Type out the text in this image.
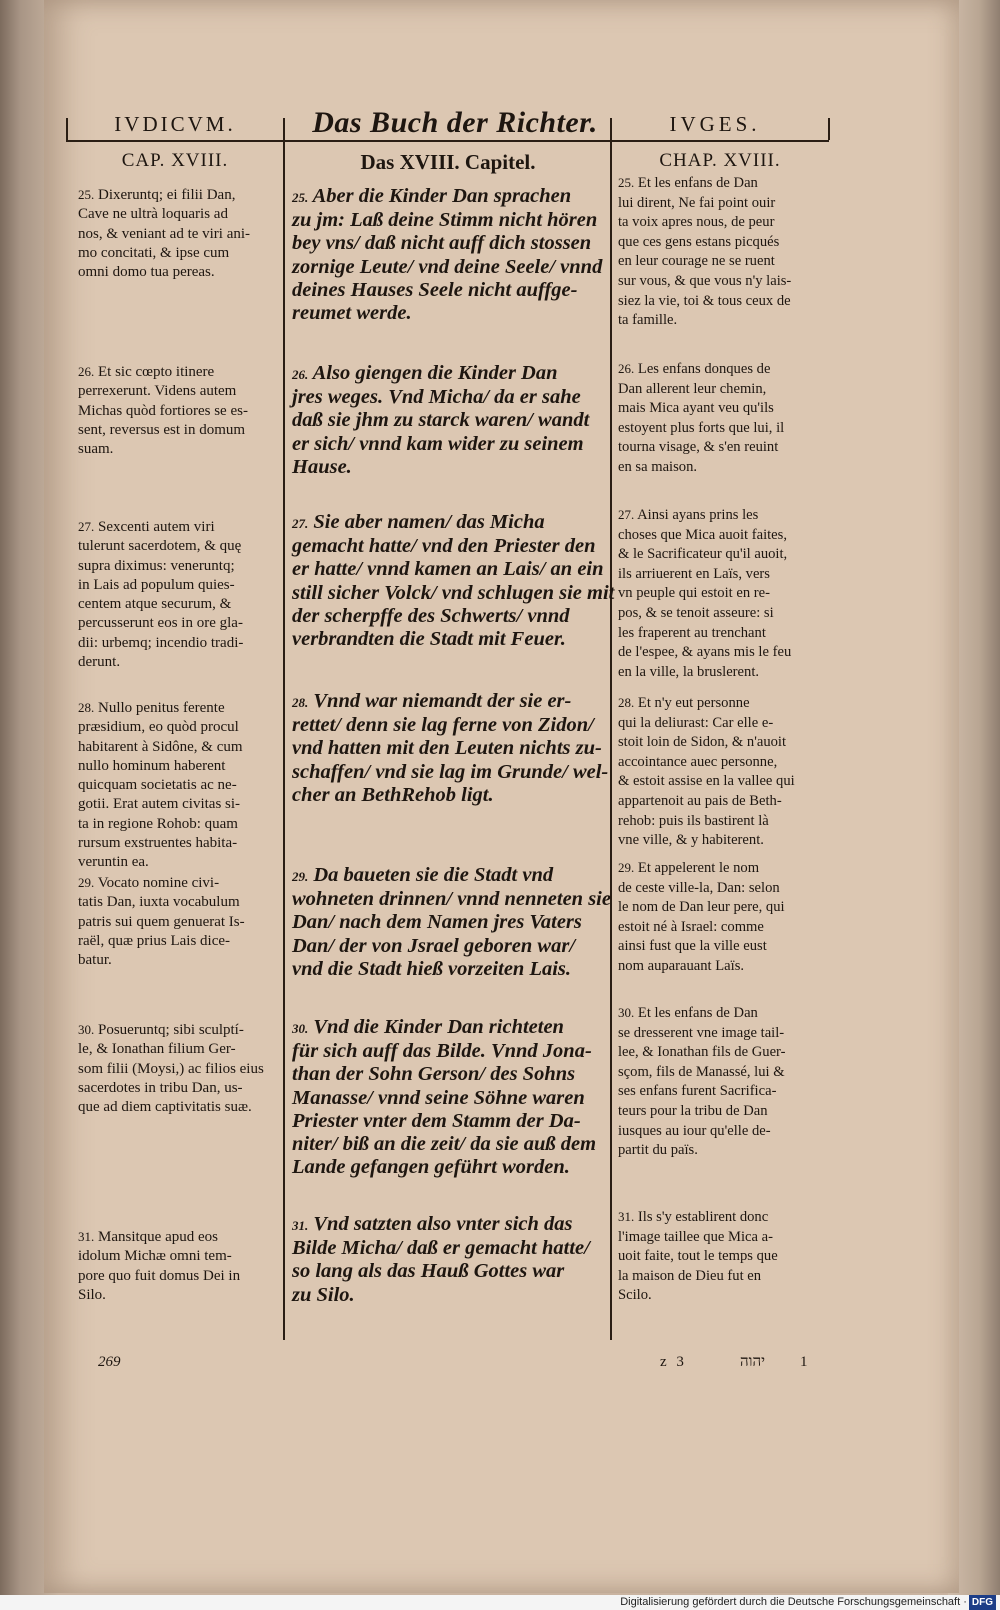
IVDICVM.	Das Buch der Richter.	IVGES.
CAP. XVIII.	Das XVIII. Capitel.	CHAP. XVIII.
25. Dixeruntq; ei filii Dan,
Cave ne ultrà loquaris ad
nos, & veniant ad te viri ani-
mo concitati, & ipse cum
omni domo tua pereas.
26. Et sic cœpto itinere
perrexerunt. Videns autem
Michas quòd fortiores se es-
sent, reversus est in domum
suam.
27. Sexcenti autem viri
tulerunt sacerdotem, & quę
supra diximus: veneruntq;
in Lais ad populum quies-
centem atque securum, &
percusserunt eos in ore gla-
dii: urbemq; incendio tradi-
derunt.
28. Nullo penitus ferente
præsidium, eo quòd procul
habitarent à Sidône, & cum
nullo hominum haberent
quicquam societatis ac ne-
gotii. Erat autem civitas si-
ta in regione Rohob: quam
rursum exstruentes habita-
veruntin ea.
29. Vocato nomine civi-
tatis Dan, iuxta vocabulum
patris sui quem genuerat Is-
raël, quæ prius Lais dice-
batur.
30. Posueruntq; sibi sculptí-
le, & Ionathan filium Ger-
som filii (Moysi,) ac filios eius
sacerdotes in tribu Dan, us-
que ad diem captivitatis suæ.
31. Mansitque apud eos
idolum Michæ omni tem-
pore quo fuit domus Dei in
Silo.
25. Aber die Kinder Dan sprachen
zu jm: Laß deine Stimm nicht hören
bey vns/ daß nicht auff dich stossen
zornige Leute/ vnd deine Seele/ vnnd
deines Hauses Seele nicht auffge-
reumet werde.
26. Also giengen die Kinder Dan
jres weges. Vnd Micha/ da er sahe
daß sie jhm zu starck waren/ wandt
er sich/ vnnd kam wider zu seinem
Hause.
27. Sie aber namen/ das Micha
gemacht hatte/ vnd den Priester den
er hatte/ vnnd kamen an Lais/ an ein
still sicher Volck/ vnd schlugen sie mit
der scherpffe des Schwerts/ vnnd
verbrandten die Stadt mit Feuer.
28. Vnnd war niemandt der sie er-
rettet/ denn sie lag ferne von Zidon/
vnd hatten mit den Leuten nichts zu-
schaffen/ vnd sie lag im Grunde/ wel-
cher an BethRehob ligt.
29. Da baueten sie die Stadt vnd
wohneten drinnen/ vnnd nenneten sie
Dan/ nach dem Namen jres Vaters
Dan/ der von Jsrael geboren war/
vnd die Stadt hieß vorzeiten Lais.
30. Vnd die Kinder Dan richteten
für sich auff das Bilde. Vnnd Jona-
than der Sohn Gerson/ des Sohns
Manasse/ vnnd seine Söhne waren
Priester vnter dem Stamm der Da-
niter/ biß an die zeit/ da sie auß dem
Lande gefangen geführt worden.
31. Vnd satzten also vnter sich das
Bilde Micha/ daß er gemacht hatte/
so lang als das Hauß Gottes war
zu Silo.
25. Et les enfans de Dan
lui dirent, Ne fai point ouir
ta voix apres nous, de peur
que ces gens estans picqués
en leur courage ne se ruent
sur vous, & que vous n'y lais-
siez la vie, toi & tous ceux de
ta famille.
26. Les enfans donques de
Dan allerent leur chemin,
mais Mica ayant veu qu'ils
estoyent plus forts que lui, il
tourna visage, & s'en reuint
en sa maison.
27. Ainsi ayans prins les
choses que Mica auoit faites,
& le Sacrificateur qu'il auoit,
ils arriuerent en Laïs, vers
vn peuple qui estoit en re-
pos, & se tenoit asseure: si
les fraperent au trenchant
de l'espee, & ayans mis le feu
en la ville, la bruslerent.
28. Et n'y eut personne
qui la deliurast: Car elle e-
stoit loin de Sidon, & n'auoit
accointance auec personne,
& estoit assise en la vallee qui
appartenoit au pais de Beth-
rehob: puis ils bastirent là
vne ville, & y habiterent.
29. Et appelerent le nom
de ceste ville-la, Dan: selon
le nom de Dan leur pere, qui
estoit né à Israel: comme
ainsi fust que la ville eust
nom auparauant Laïs.
30. Et les enfans de Dan
se dresserent vne image tail-
lee, & Ionathan fils de Guer-
sçom, fils de Manassé, lui &
ses enfans furent Sacrifica-
teurs pour la tribu de Dan
iusques au iour qu'elle de-
partit du païs.
31. Ils s'y establirent donc
l'image taillee que Mica a-
uoit faite, tout le temps que
la maison de Dieu fut en
Scilo.
269	z 3	יהוה 1
Digitalisierung gefördert durch die Deutsche Forschungsgemeinschaft · DFG
